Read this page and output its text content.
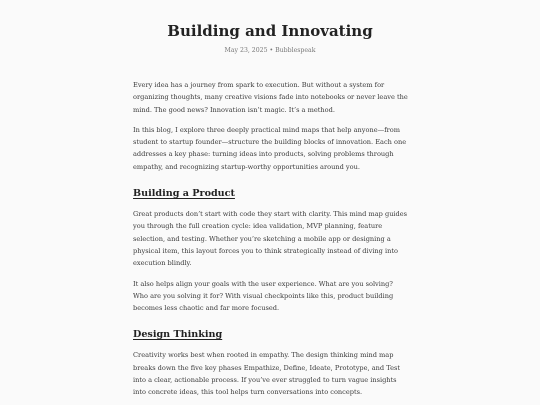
Building and Innovating
May 23, 2025 • Bubblespeak

Every idea has a journey from spark to execution. But without a system for organizing thoughts, many creative visions fade into notebooks or never leave the mind. The good news? Innovation isn’t magic. It’s a method.

In this blog, I explore three deeply practical mind maps that help anyone—from student to startup founder—structure the building blocks of innovation. Each one addresses a key phase: turning ideas into products, solving problems through empathy, and recognizing startup-worthy opportunities around you.

Building a Product

Great products don’t start with code they start with clarity. This mind map guides you through the full creation cycle: idea validation, MVP planning, feature selection, and testing. Whether you’re sketching a mobile app or designing a physical item, this layout forces you to think strategically instead of diving into execution blindly.

It also helps align your goals with the user experience. What are you solving? Who are you solving it for? With visual checkpoints like this, product building becomes less chaotic and far more focused.

Design Thinking

Creativity works best when rooted in empathy. The design thinking mind map breaks down the five key phases Empathize, Define, Ideate, Prototype, and Test into a clear, actionable process. If you’ve ever struggled to turn vague insights into concrete ideas, this tool helps turn conversations into concepts.
